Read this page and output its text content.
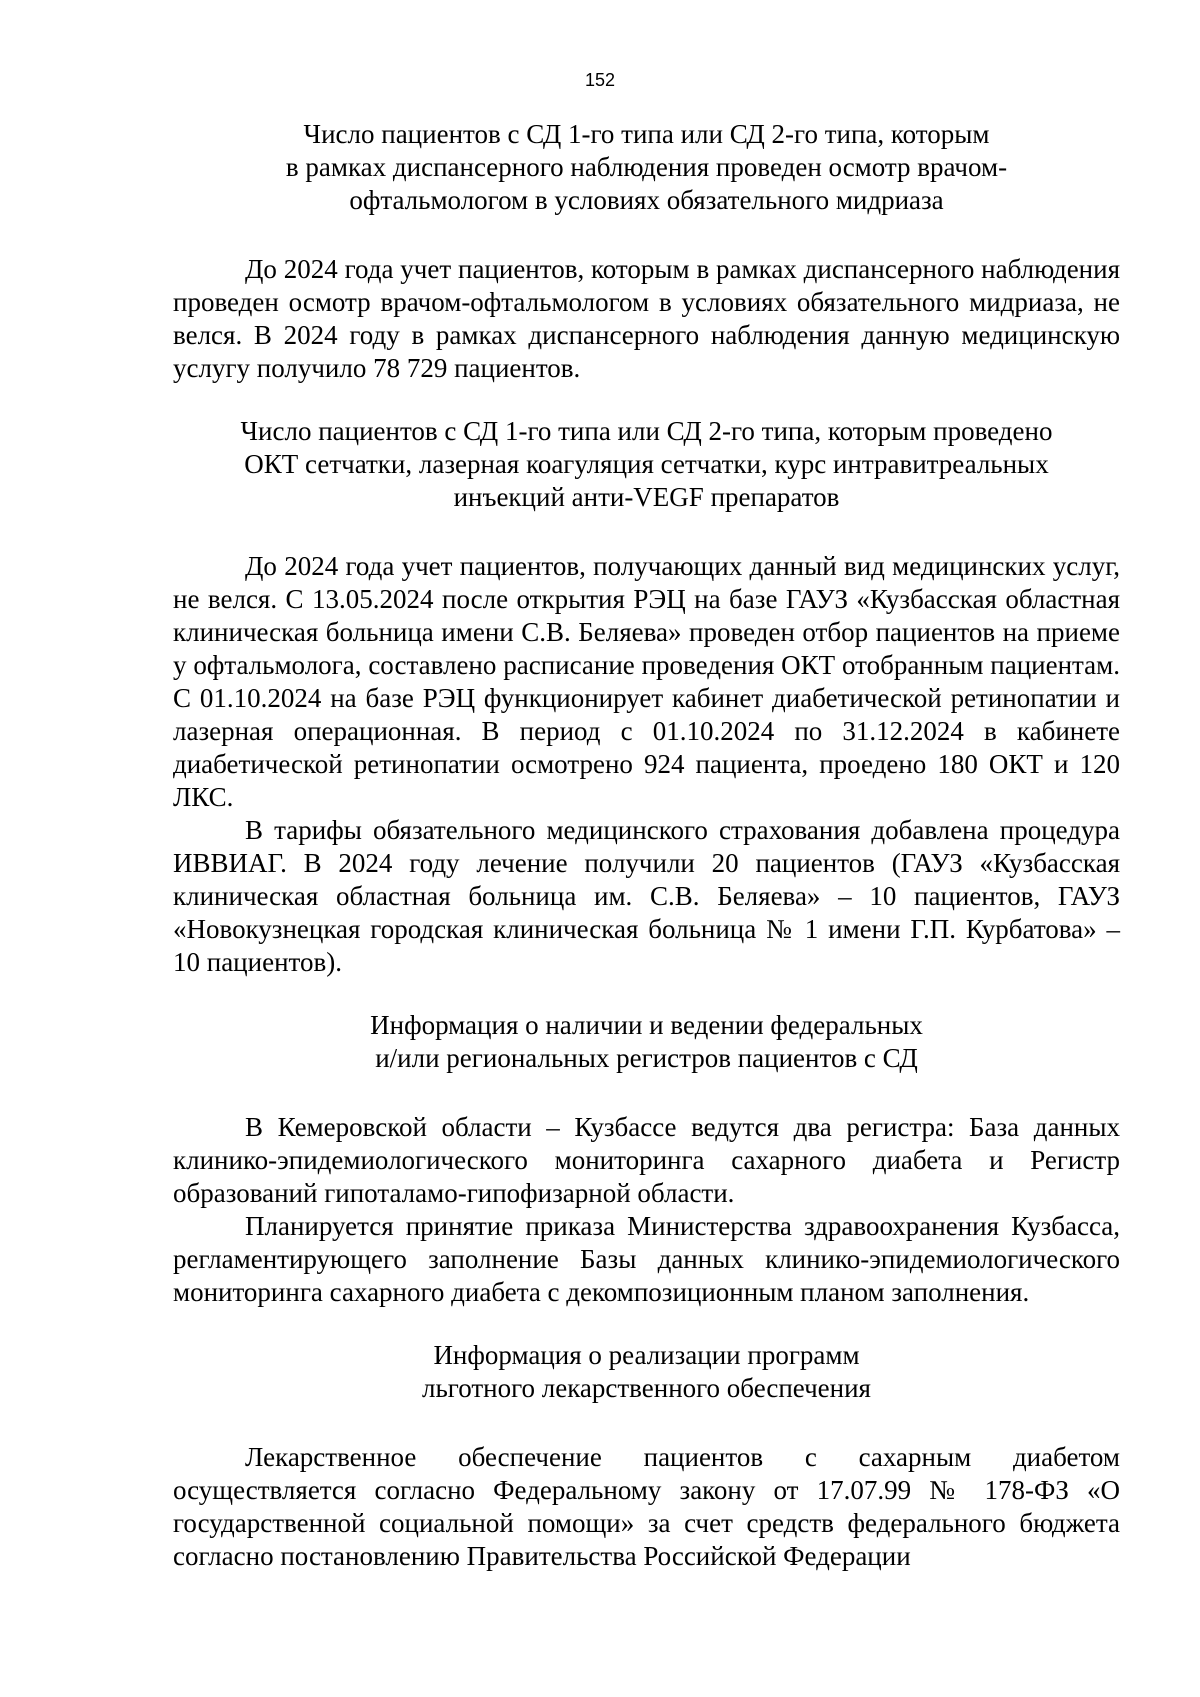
152
Число пациентов с СД 1-го типа или СД 2-го типа, которым
в рамках диспансерного наблюдения проведен осмотр врачом-
офтальмологом в условиях обязательного мидриаза

До 2024 года учет пациентов, которым в рамках диспансерного наблюдения проведен осмотр врачом-офтальмологом в условиях обязательного мидриаза, не велся. В 2024 году в рамках диспансерного наблюдения данную медицинскую услугу получило 78 729 пациентов.

Число пациентов с СД 1-го типа или СД 2-го типа, которым проведено
ОКТ сетчатки, лазерная коагуляция сетчатки, курс интравитреальных
инъекций анти-VEGF препаратов

До 2024 года учет пациентов, получающих данный вид медицинских услуг, не велся. С 13.05.2024 после открытия РЭЦ на базе ГАУЗ «Кузбасская областная клиническая больница имени С.В. Беляева» проведен отбор пациентов на приеме у офтальмолога, составлено расписание проведения ОКТ отобранным пациентам. С 01.10.2024 на базе РЭЦ функционирует кабинет диабетической ретинопатии и лазерная операционная. В период с 01.10.2024 по 31.12.2024 в кабинете диабетической ретинопатии осмотрено 924 пациента, проедено 180 ОКТ и 120 ЛКС.

В тарифы обязательного медицинского страхования добавлена процедура ИВВИАГ. В 2024 году лечение получили 20 пациентов (ГАУЗ «Кузбасская клиническая областная больница им. С.В. Беляева» – 10 пациентов, ГАУЗ «Новокузнецкая городская клиническая больница № 1 имени Г.П. Курбатова» – 10 пациентов).

Информация о наличии и ведении федеральных
и/или региональных регистров пациентов с СД

В Кемеровской области – Кузбассе ведутся два регистра: База данных клинико-эпидемиологического мониторинга сахарного диабета и Регистр образований гипоталамо-гипофизарной области.

Планируется принятие приказа Министерства здравоохранения Кузбасса, регламентирующего заполнение Базы данных клинико-эпидемиологического мониторинга сахарного диабета с декомпозиционным планом заполнения.

Информация о реализации программ
льготного лекарственного обеспечения

Лекарственное обеспечение пациентов с сахарным диабетом осуществляется согласно Федеральному закону от 17.07.99 № 178-ФЗ «О государственной социальной помощи» за счет средств федерального бюджета согласно постановлению Правительства Российской Федерации
